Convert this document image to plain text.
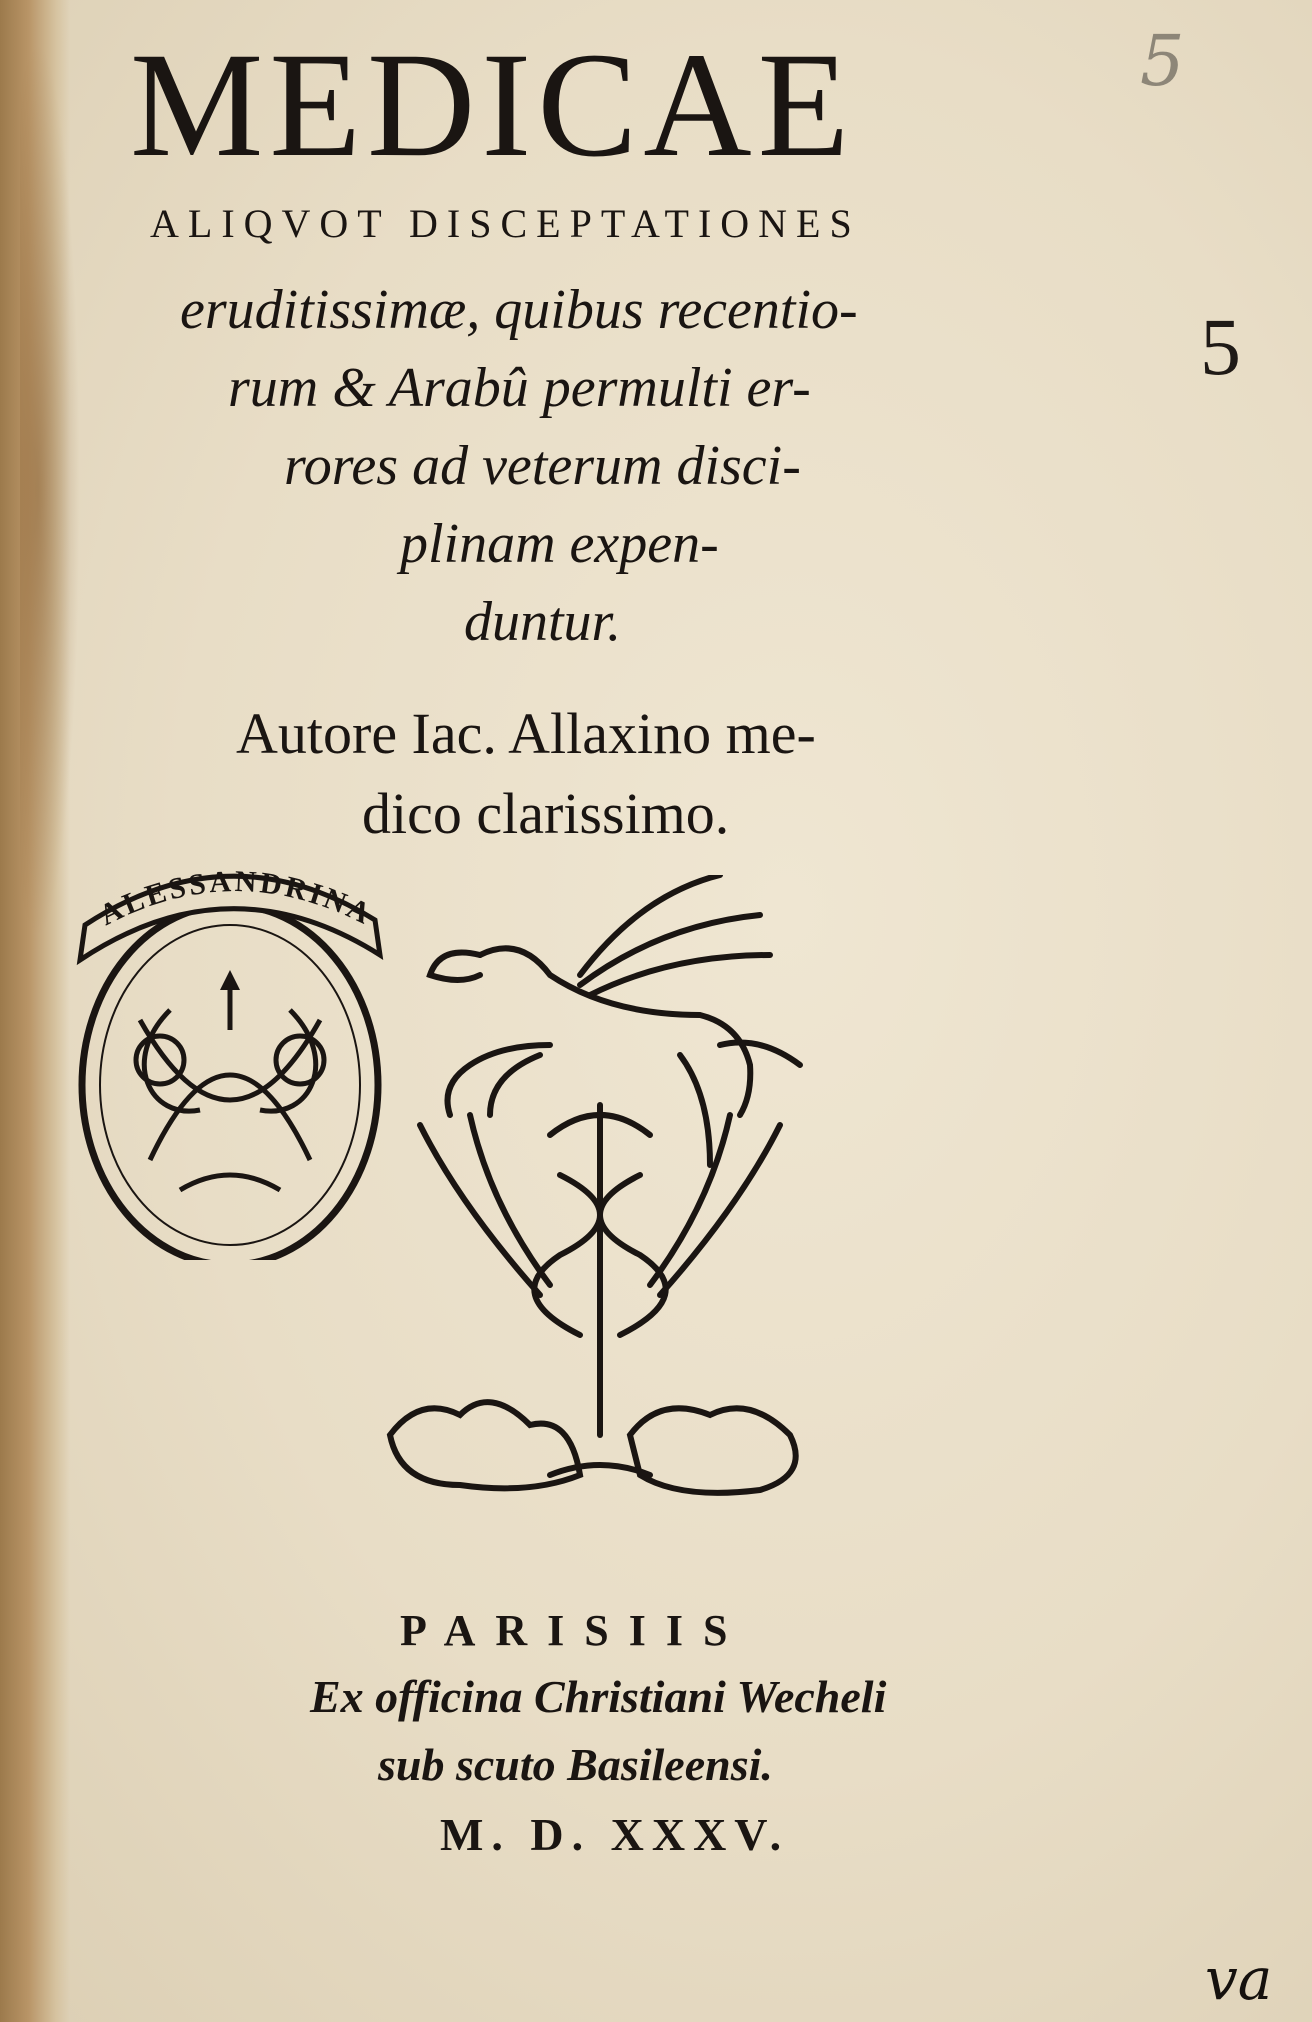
5
MEDICAE
ALIQVOT DISCEPTATIONES
5
eruditissimæ, quibus recentio-
rum & Arabû permulti er-
rores ad veterum disci-
plinam expen-
duntur.
Autore Iac. Allaxino me-
dico clarissimo.
ALESSANDRINA
PARISIIS
Ex officina Christiani Wecheli
sub scuto Basileensi.
M. D. XXXV.
va
